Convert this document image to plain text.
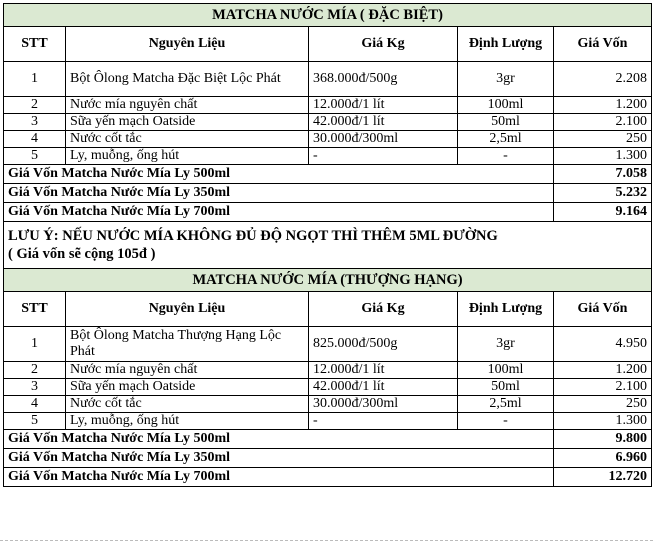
MATCHA NƯỚC MÍA ( ĐẶC BIỆT)				
STT	Nguyên Liệu	Giá Kg	Định Lượng	Giá Vốn
1	Bột Ôlong Matcha Đặc Biệt Lộc Phát	368.000đ/500g	3gr	2.208
2	Nước mía nguyên chất	12.000đ/1 lít	100ml	1.200
3	Sữa yến mạch Oatside	42.000đ/1 lít	50ml	2.100
4	Nước cốt tắc	30.000đ/300ml	2,5ml	250
5	Ly, muỗng, ống hút	-	-	1.300
Giá Vốn Matcha Nước Mía Ly 500ml				7.058
Giá Vốn Matcha Nước Mía Ly 350ml				5.232
Giá Vốn Matcha Nước Mía Ly 700ml				9.164

LƯU Ý: NẾU NƯỚC MÍA KHÔNG ĐỦ ĐỘ NGỌT THÌ THÊM 5ML ĐƯỜNG
( Giá vốn sẽ cộng 105đ )				

MATCHA NƯỚC MÍA (THƯỢNG HẠNG)				
STT	Nguyên Liệu	Giá Kg	Định Lượng	Giá Vốn
1	Bột Ôlong Matcha Thượng Hạng Lộc Phát	825.000đ/500g	3gr	4.950
2	Nước mía nguyên chất	12.000đ/1 lít	100ml	1.200
3	Sữa yến mạch Oatside	42.000đ/1 lít	50ml	2.100
4	Nước cốt tắc	30.000đ/300ml	2,5ml	250
5	Ly, muỗng, ống hút	-	-	1.300
Giá Vốn Matcha Nước Mía Ly 500ml				9.800
Giá Vốn Matcha Nước Mía Ly 350ml				6.960
Giá Vốn Matcha Nước Mía Ly 700ml				12.720
